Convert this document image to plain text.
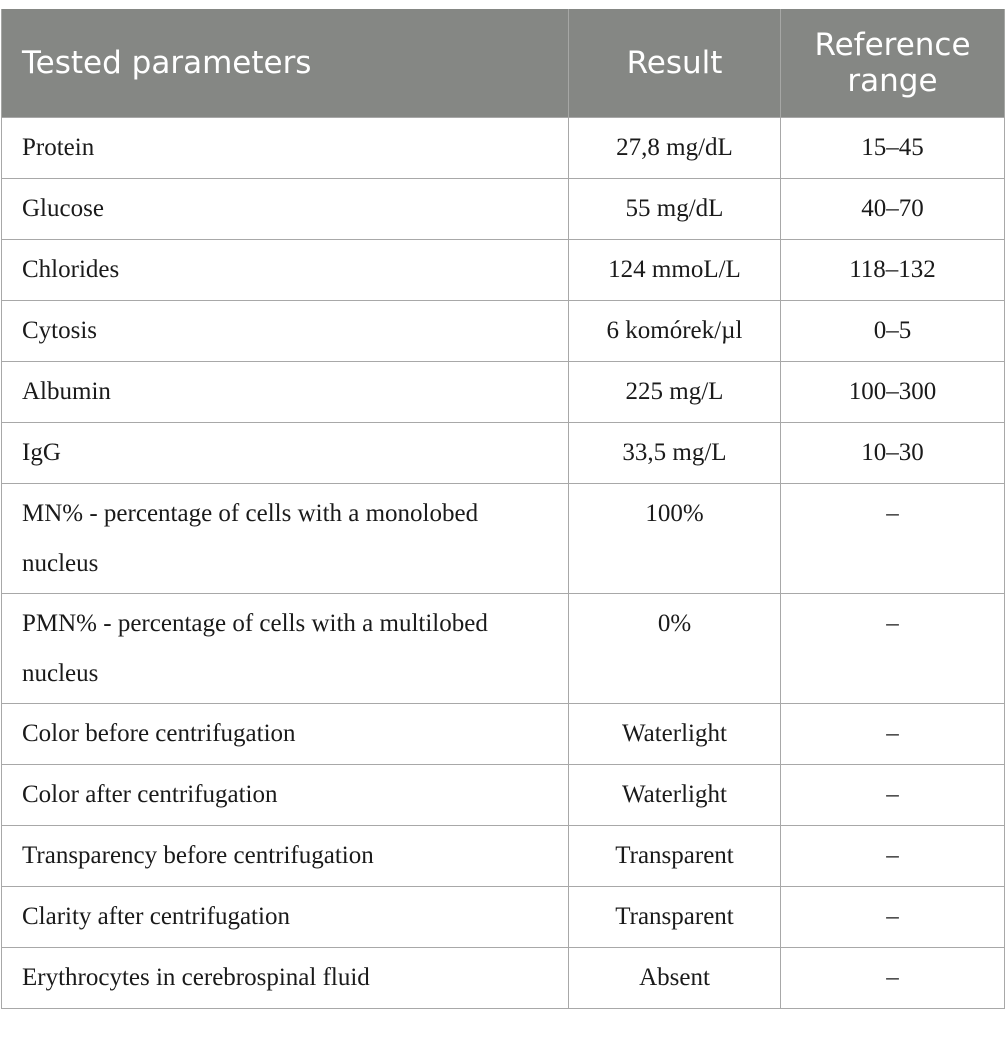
Tested parameters	Result	Reference range
Protein	27,8 mg/dL	15–45
Glucose	55 mg/dL	40–70
Chlorides	124 mmoL/L	118–132
Cytosis	6 komórek/µl	0–5
Albumin	225 mg/L	100–300
IgG	33,5 mg/L	10–30
MN% - percentage of cells with a monolobed nucleus	100%	–
PMN% - percentage of cells with a multilobed nucleus	0%	–
Color before centrifugation	Waterlight	–
Color after centrifugation	Waterlight	–
Transparency before centrifugation	Transparent	–
Clarity after centrifugation	Transparent	–
Erythrocytes in cerebrospinal fluid	Absent	–
